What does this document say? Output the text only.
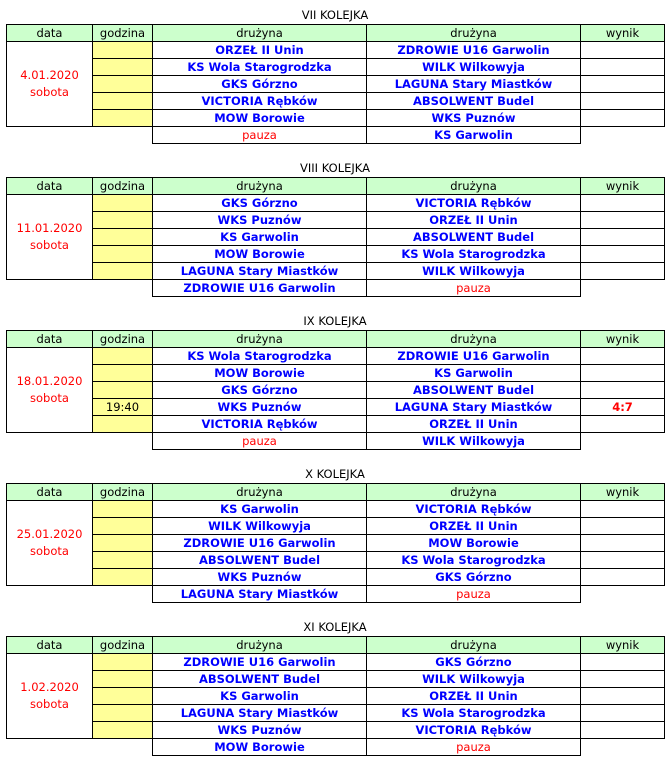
VII KOLEJKA
data	godzina	drużyna	drużyna	wynik

4.01.2020
sobota		ORZEŁ II Unin	ZDROWIE U16 Garwolin	
		KS Wola Starogrodzka	WILK Wilkowyja	
		GKS Górzno	LAGUNA Stary Miastków	
		VICTORIA Rębków	ABSOLWENT Budel	
		MOW Borowie	WKS Puznów	
		pauza	KS Garwolin	
VIII KOLEJKA
data	godzina	drużyna	drużyna	wynik

11.01.2020
sobota		GKS Górzno	VICTORIA Rębków	
		WKS Puznów	ORZEŁ II Unin	
		KS Garwolin	ABSOLWENT Budel	
		MOW Borowie	KS Wola Starogrodzka	
		LAGUNA Stary Miastków	WILK Wilkowyja	
		ZDROWIE U16 Garwolin	pauza	
IX KOLEJKA
data	godzina	drużyna	drużyna	wynik

18.01.2020
sobota		KS Wola Starogrodzka	ZDROWIE U16 Garwolin	
		MOW Borowie	KS Garwolin	
		GKS Górzno	ABSOLWENT Budel	
	19:40	WKS Puznów	LAGUNA Stary Miastków	4:7
		VICTORIA Rębków	ORZEŁ II Unin	
		pauza	WILK Wilkowyja	
X KOLEJKA
data	godzina	drużyna	drużyna	wynik

25.01.2020
sobota		KS Garwolin	VICTORIA Rębków	
		WILK Wilkowyja	ORZEŁ II Unin	
		ZDROWIE U16 Garwolin	MOW Borowie	
		ABSOLWENT Budel	KS Wola Starogrodzka	
		WKS Puznów	GKS Górzno	
		LAGUNA Stary Miastków	pauza	
XI KOLEJKA
data	godzina	drużyna	drużyna	wynik

1.02.2020
sobota		ZDROWIE U16 Garwolin	GKS Górzno	
		ABSOLWENT Budel	WILK Wilkowyja	
		KS Garwolin	ORZEŁ II Unin	
		LAGUNA Stary Miastków	KS Wola Starogrodzka	
		WKS Puznów	VICTORIA Rębków	
		MOW Borowie	pauza	
